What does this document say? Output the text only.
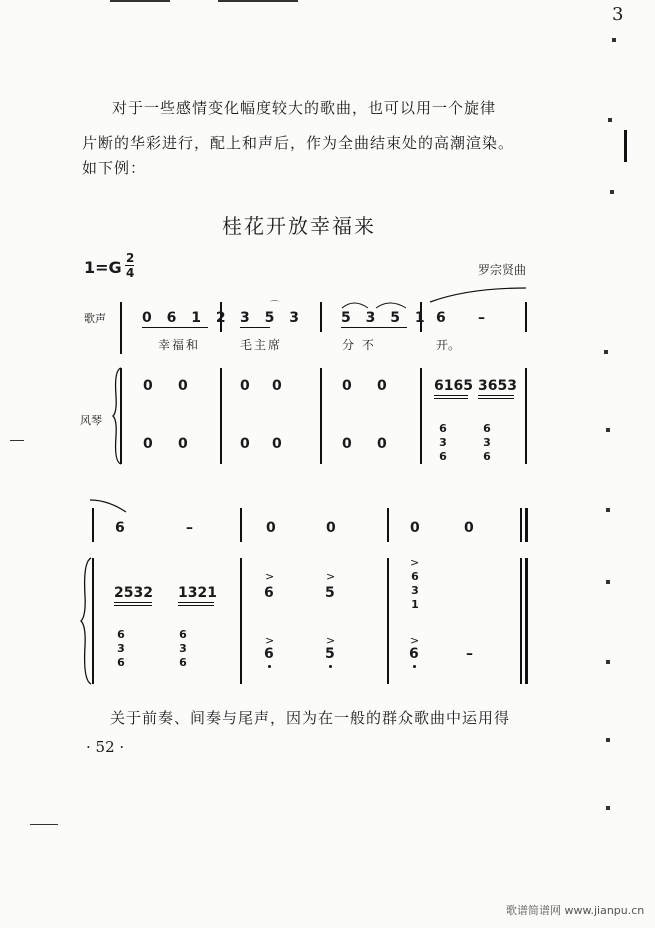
3
对于一些感情变化幅度较大的歌曲，也可以用一个旋律
片断的华彩进行，配上和声后，作为全曲结束处的高潮渲染。
如下例：
桂花开放幸福来
1=G 2
4	罗宗贤曲
歌声
风琴
0 6 1 2 3 5 3
⌒
5 3 5 1 6 –
幸福和	毛主席	分 不	开。
0 0	0 0	0 0	6165 3653
6
3
6
6
3
6
0 0	0 0	0 0
6	–	0	0	0	0
2532 1321
>
6
>
5
>
6
3
1
6
3
6
6
3
6
>
6
>
5
>
6	–
关于前奏、间奏与尾声，因为在一般的群众歌曲中运用得
· 52 ·
歌谱简谱网 www.jianpu.cn
